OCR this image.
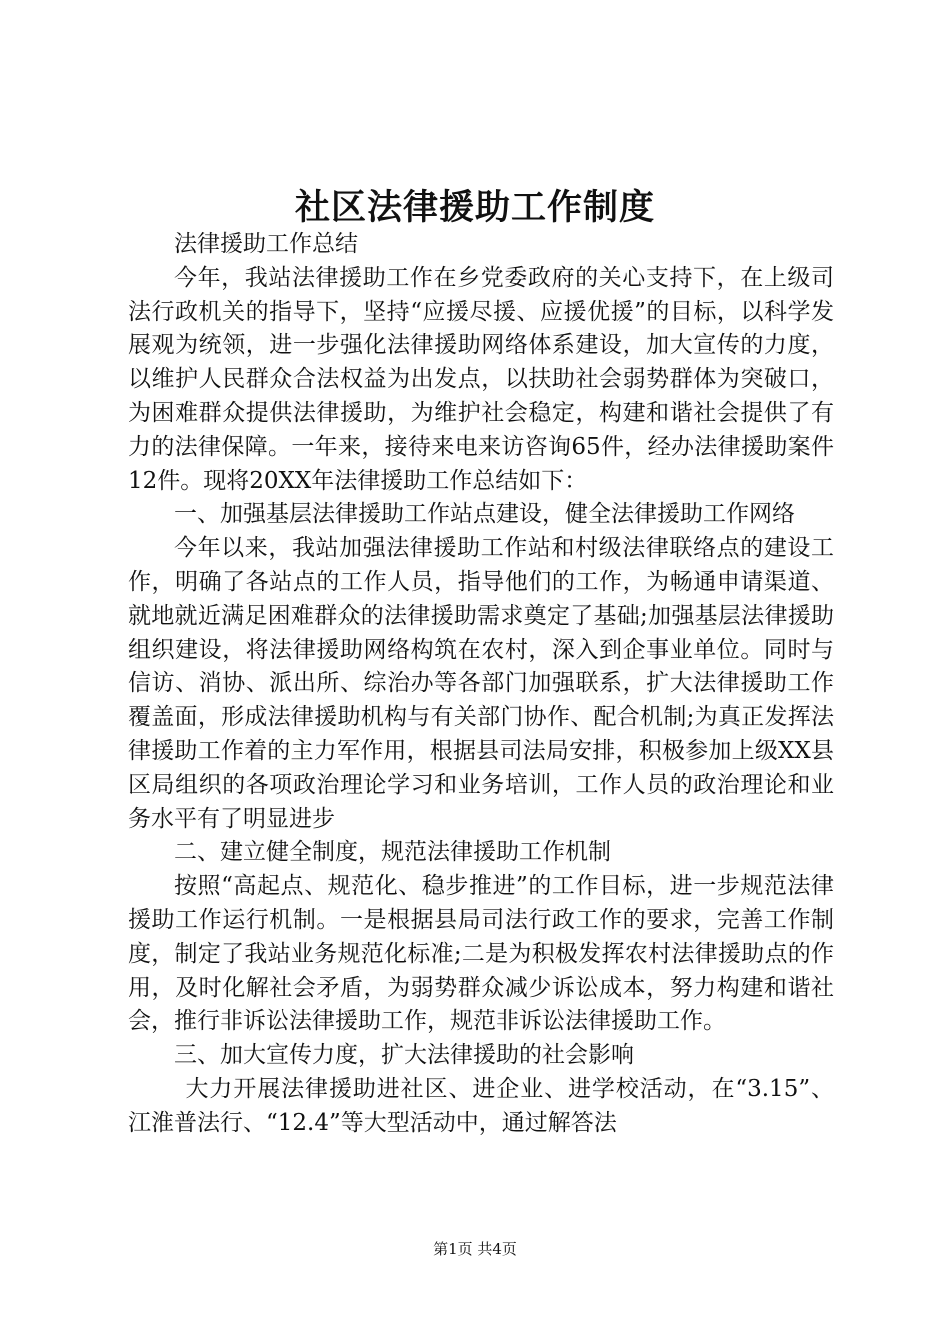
社区法律援助工作制度

法律援助工作总结

今年，我站法律援助工作在乡党委政府的关心支持下，在上级司法行政机关的指导下，坚持“应援尽援、应援优援”的目标，以科学发展观为统领，进一步强化法律援助网络体系建设，加大宣传的力度，以维护人民群众合法权益为出发点，以扶助社会弱势群体为突破口，为困难群众提供法律援助，为维护社会稳定，构建和谐社会提供了有力的法律保障。一年来，接待来电来访咨询65件，经办法律援助案件12件。现将20XX年法律援助工作总结如下：

一、加强基层法律援助工作站点建设，健全法律援助工作网络

今年以来，我站加强法律援助工作站和村级法律联络点的建设工作，明确了各站点的工作人员，指导他们的工作，为畅通申请渠道、就地就近满足困难群众的法律援助需求奠定了基础;加强基层法律援助组织建设，将法律援助网络构筑在农村，深入到企事业单位。同时与信访、消协、派出所、综治办等各部门加强联系，扩大法律援助工作覆盖面，形成法律援助机构与有关部门协作、配合机制;为真正发挥法律援助工作着的主力军作用，根据县司法局安排，积极参加上级XX县区局组织的各项政治理论学习和业务培训，工作人员的政治理论和业务水平有了明显进步

二、建立健全制度，规范法律援助工作机制

按照“高起点、规范化、稳步推进”的工作目标，进一步规范法律援助工作运行机制。一是根据县局司法行政工作的要求，完善工作制度，制定了我站业务规范化标准;二是为积极发挥农村法律援助点的作用，及时化解社会矛盾，为弱势群众减少诉讼成本，努力构建和谐社会，推行非诉讼法律援助工作，规范非诉讼法律援助工作。

三、加大宣传力度，扩大法律援助的社会影响

大力开展法律援助进社区、进企业、进学校活动，在“3.15”、江淮普法行、“12.4”等大型活动中，通过解答法

第1页 共4页
